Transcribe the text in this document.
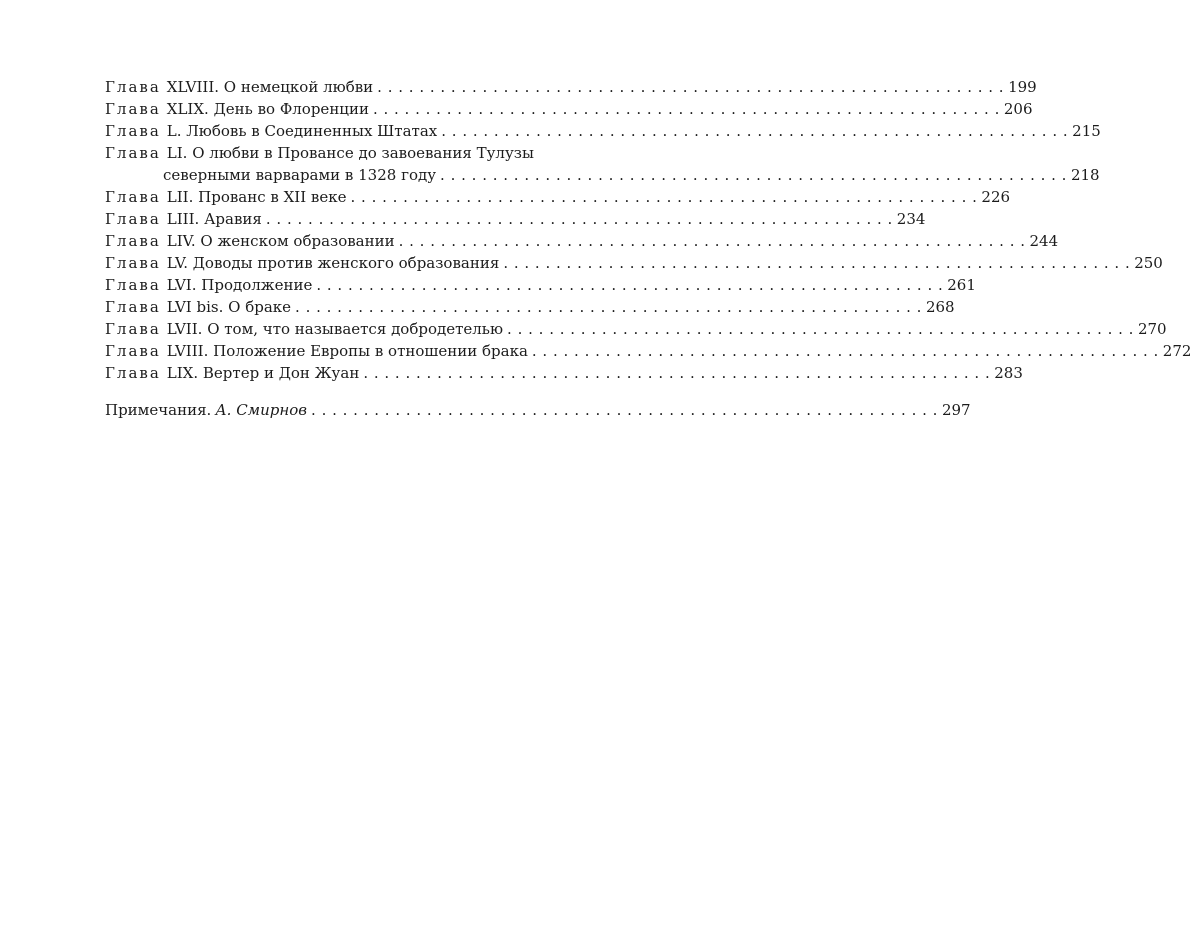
Глава XLVIII. О немецкой любви . . .	199
Глава XLIX. День во Флоренции . . .	206
Глава L. Любовь в Соединенных Штатах . . .	215
Глава LI. О любви в Провансе до завоевания Тулузы
северными варварами в 1328 году . . .	218
Глава LII. Прованс в XII веке . . .	226
Глава LIII. Аравия . . .	234
Глава LIV. О женском образовании . . .	244
Глава LV. Доводы против женского образования . . .	250
Глава LVI. Продолжение . . .	261
Глава LVI bis. О браке . . .	268
Глава LVII. О том, что называется добродетелью . . .	270
Глава LVIII. Положение Европы в отношении брака . . .	272
Глава LIX. Вертер и Дон Жуан . . .	283
Примечания. А. Смирнов . . .	297
